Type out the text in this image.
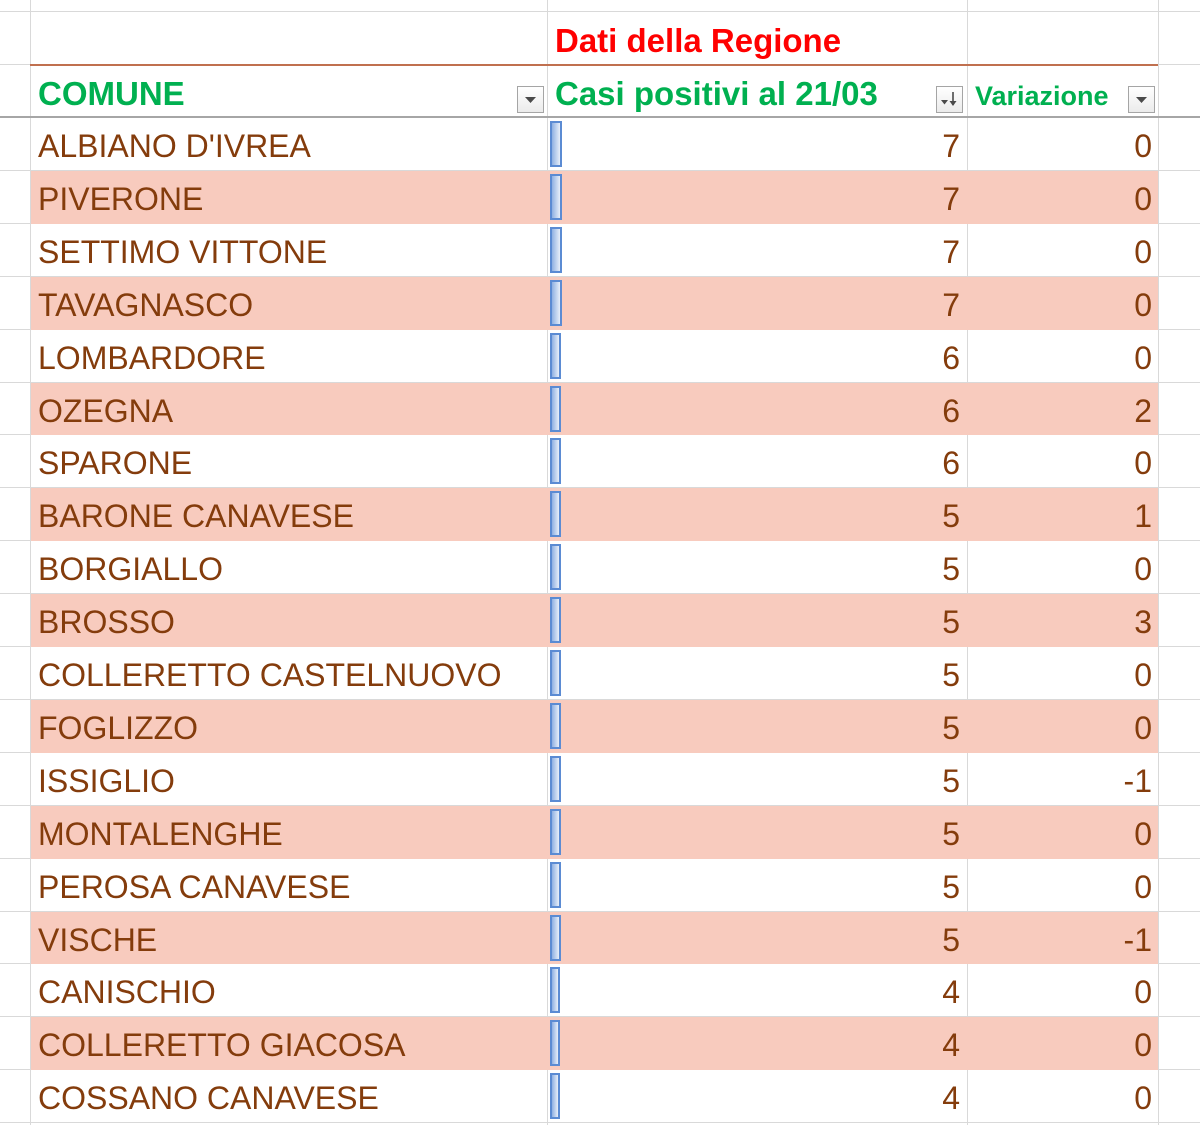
ALBIANO D'IVREA	7	0
PIVERONE	7	0
SETTIMO VITTONE	7	0
TAVAGNASCO	7	0
LOMBARDORE	6	0
OZEGNA	6	2
SPARONE	6	0
BARONE CANAVESE	5	1
BORGIALLO	5	0
BROSSO	5	3
COLLERETTO CASTELNUOVO	5	0
FOGLIZZO	5	0
ISSIGLIO	5	-1
MONTALENGHE	5	0
PEROSA CANAVESE	5	0
VISCHE	5	-1
CANISCHIO	4	0
COLLERETTO GIACOSA	4	0
COSSANO CANAVESE	4	0
Dati della Regione
COMUNE	Casi positivi al 21/03	Variazione
